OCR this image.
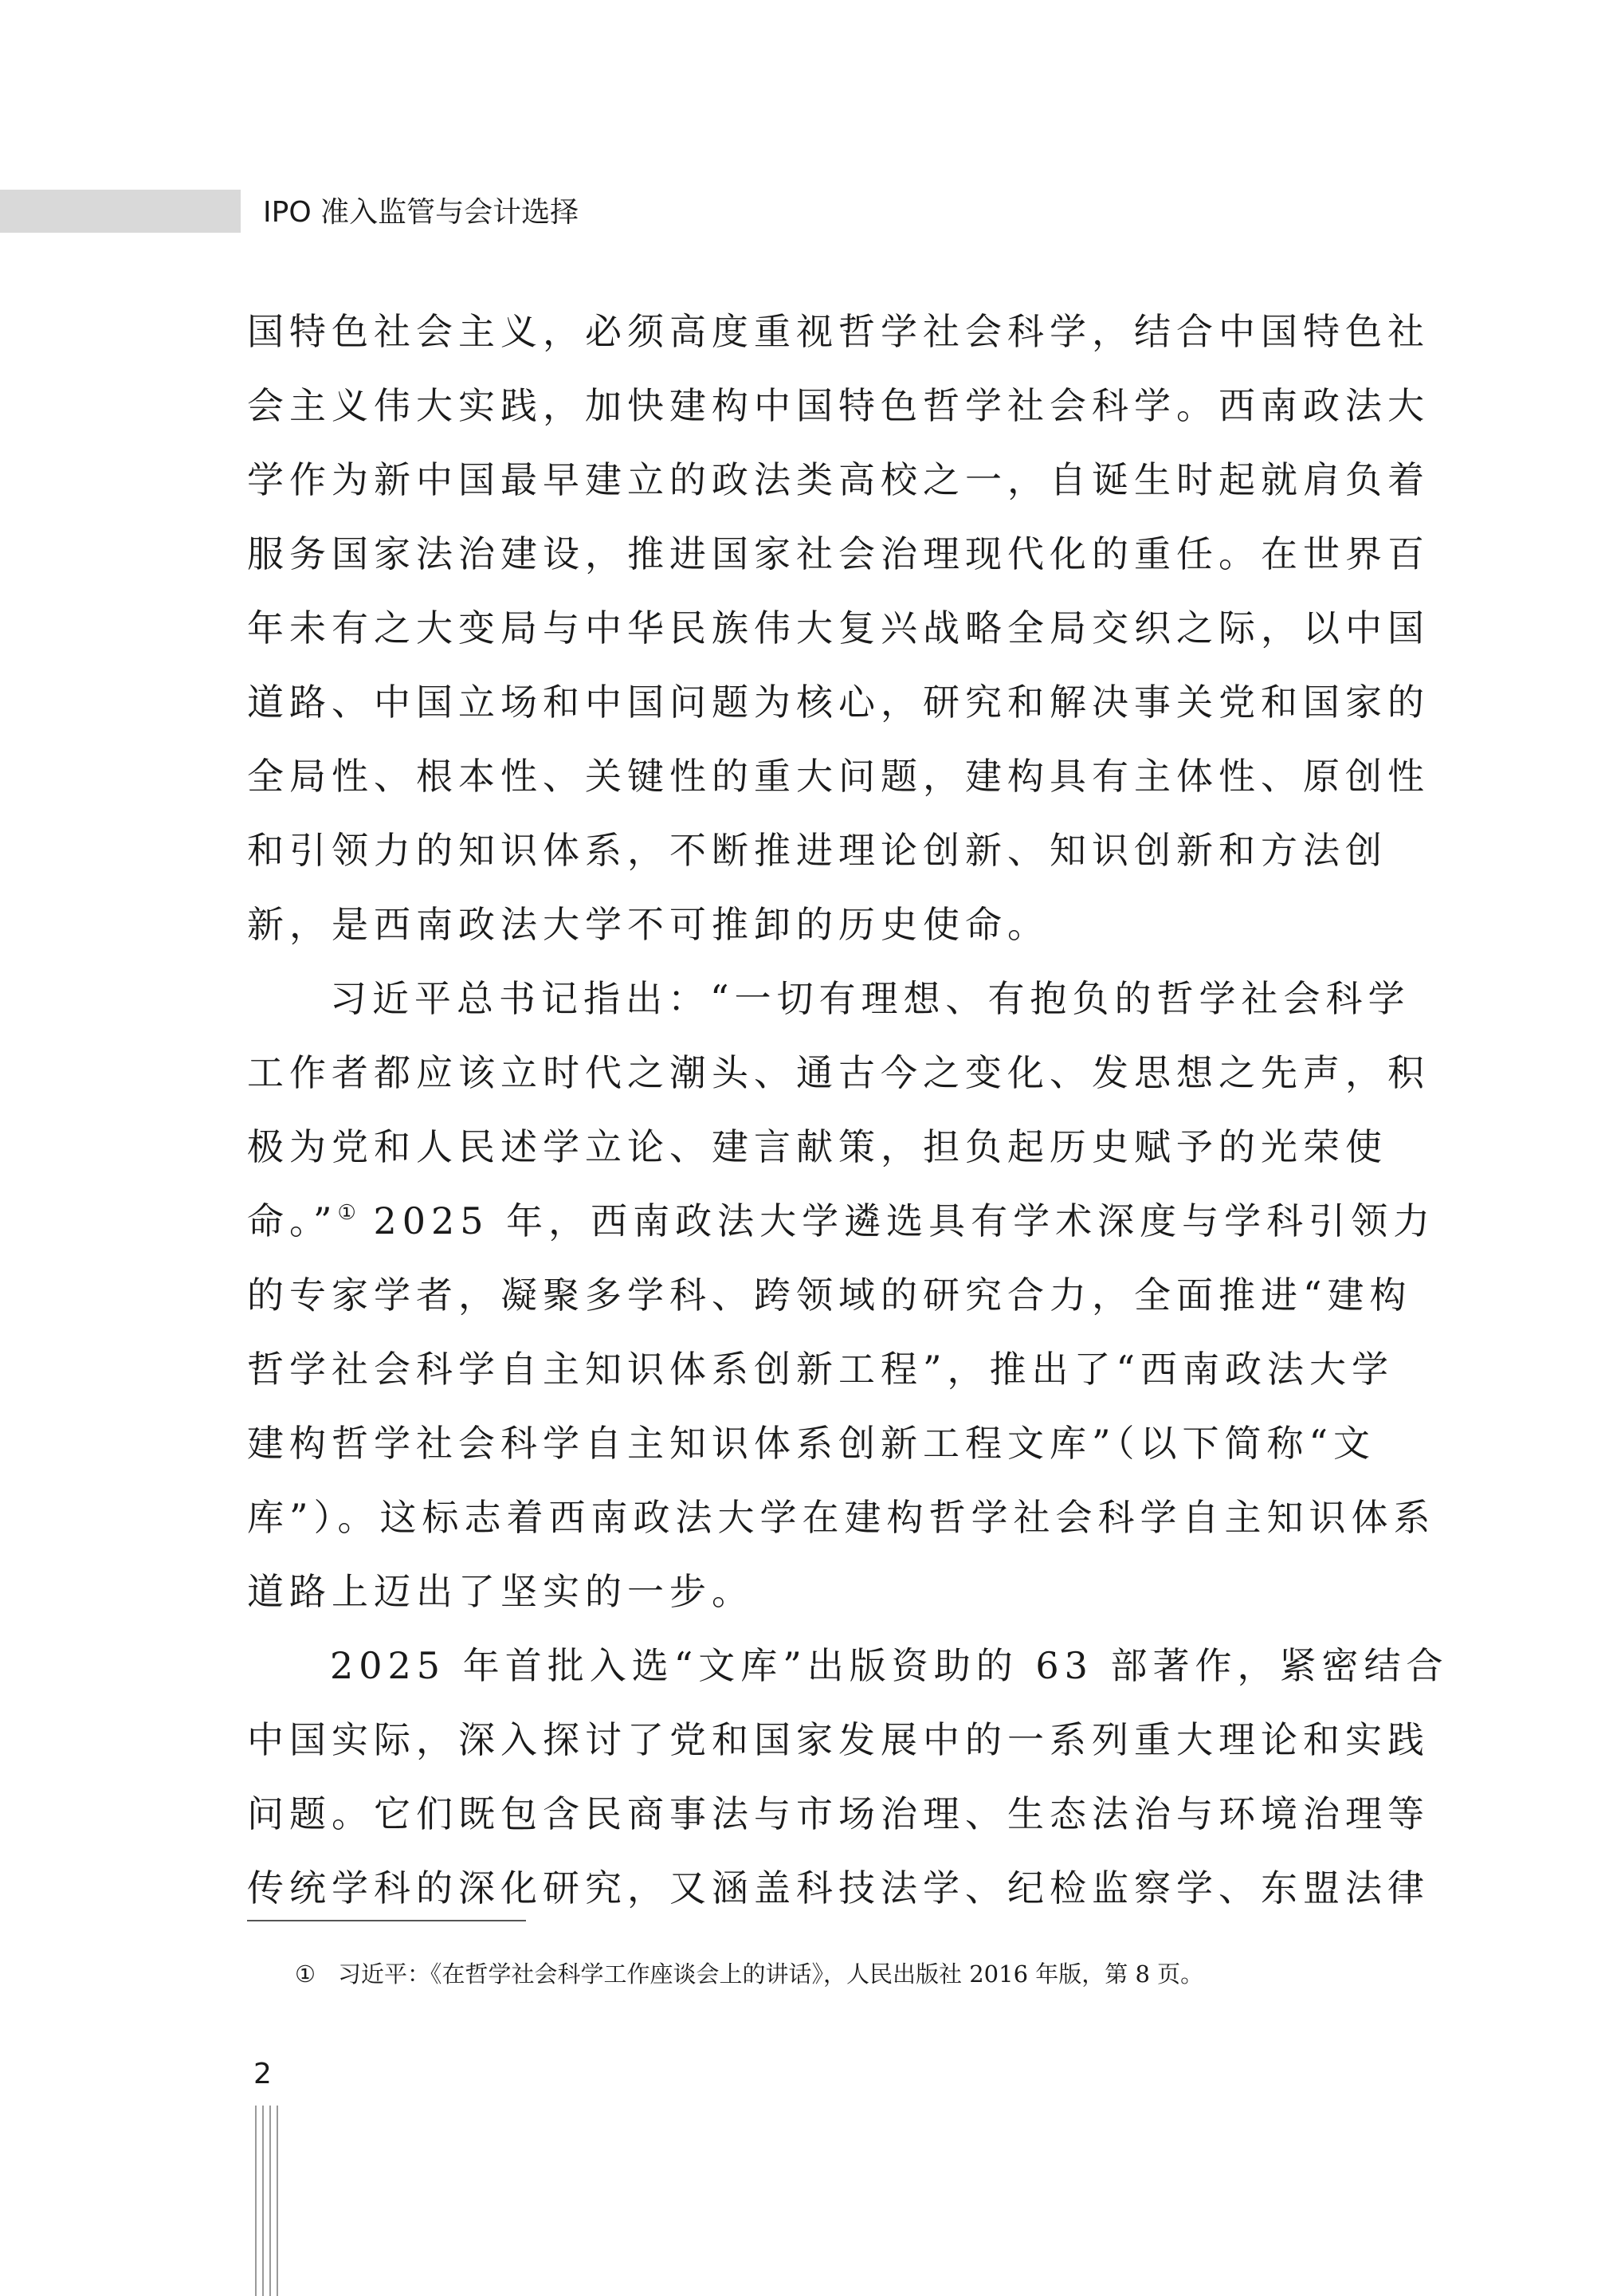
IPO 准入监管与会计选择
国特色社会主义，必须高度重视哲学社会科学，结合中国特色社
会主义伟大实践，加快建构中国特色哲学社会科学。西南政法大
学作为新中国最早建立的政法类高校之一，自诞生时起就肩负着
服务国家法治建设，推进国家社会治理现代化的重任。在世界百
年未有之大变局与中华民族伟大复兴战略全局交织之际，以中国
道路、中国立场和中国问题为核心，研究和解决事关党和国家的
全局性、根本性、关键性的重大问题，建构具有主体性、原创性
和引领力的知识体系，不断推进理论创新、知识创新和方法创
新，是西南政法大学不可推卸的历史使命。
习近平总书记指出：“一切有理想、有抱负的哲学社会科学
工作者都应该立时代之潮头、通古今之变化、发思想之先声，积
极为党和人民述学立论、建言献策，担负起历史赋予的光荣使
命。”① 2025 年，西南政法大学遴选具有学术深度与学科引领力
的专家学者，凝聚多学科、跨领域的研究合力，全面推进“建构
哲学社会科学自主知识体系创新工程”，推出了“西南政法大学
建构哲学社会科学自主知识体系创新工程文库”（以下简称“文
库”）。这标志着西南政法大学在建构哲学社会科学自主知识体系
道路上迈出了坚实的一步。
2025 年首批入选“文库”出版资助的 63 部著作，紧密结合
中国实际，深入探讨了党和国家发展中的一系列重大理论和实践
问题。它们既包含民商事法与市场治理、生态法治与环境治理等
传统学科的深化研究，又涵盖科技法学、纪检监察学、东盟法律
① 习近平：《在哲学社会科学工作座谈会上的讲话》，人民出版社 2016 年版，第 8 页。
2
